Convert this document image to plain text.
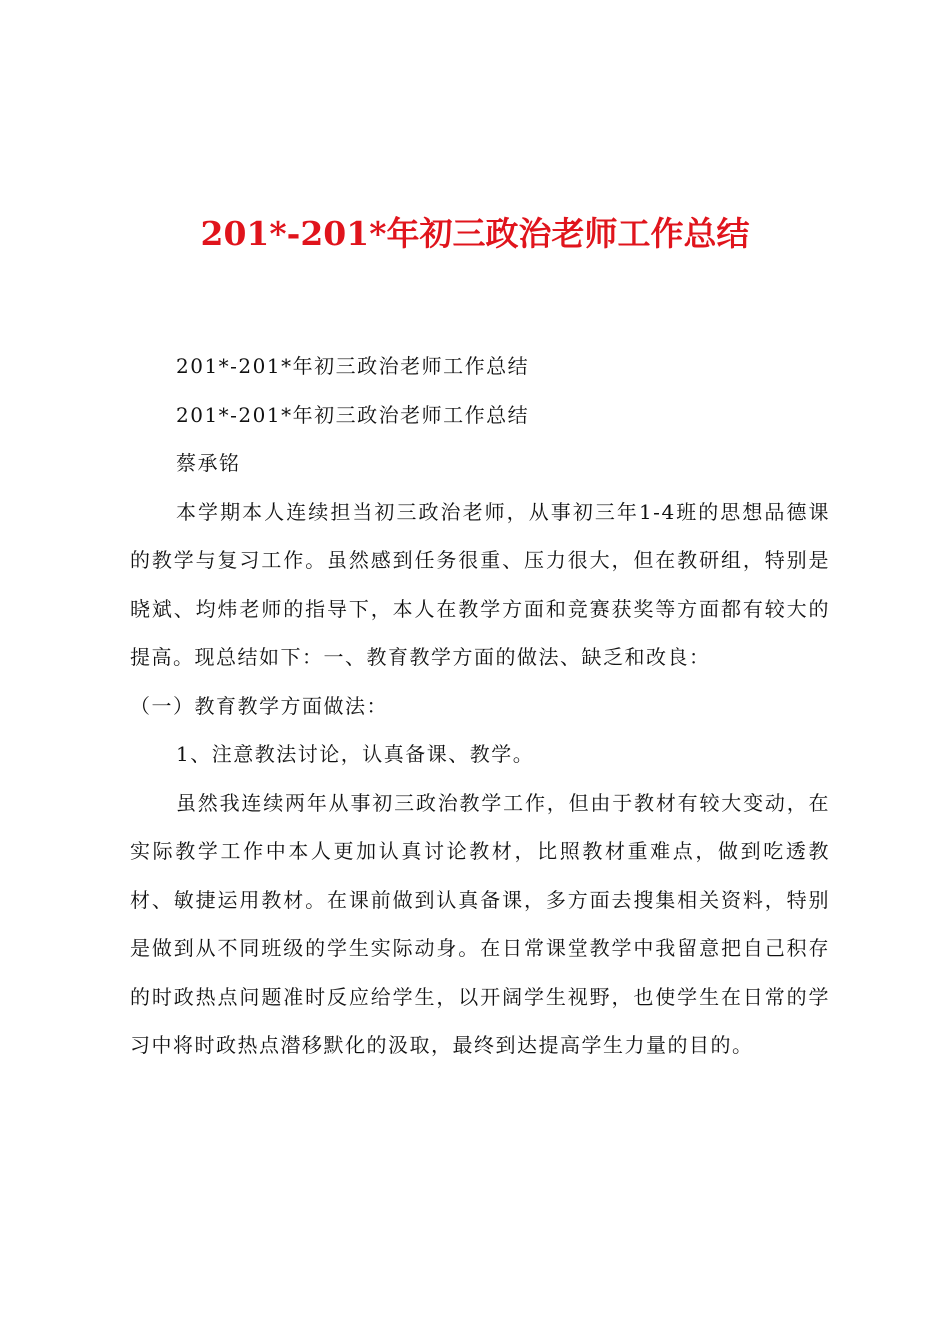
201*-201*年初三政治老师工作总结

201*-201*年初三政治老师工作总结

201*-201*年初三政治老师工作总结

蔡承铭

本学期本人连续担当初三政治老师，从事初三年1-4班的思想品德课的教学与复习工作。虽然感到任务很重、压力很大，但在教研组，特别是晓斌、均炜老师的指导下，本人在教学方面和竞赛获奖等方面都有较大的提高。现总结如下：一、教育教学方面的做法、缺乏和改良：

（一）教育教学方面做法：

1、注意教法讨论，认真备课、教学。

虽然我连续两年从事初三政治教学工作，但由于教材有较大变动，在实际教学工作中本人更加认真讨论教材，比照教材重难点，做到吃透教材、敏捷运用教材。在课前做到认真备课，多方面去搜集相关资料，特别是做到从不同班级的学生实际动身。在日常课堂教学中我留意把自己积存的时政热点问题准时反应给学生，以开阔学生视野，也使学生在日常的学习中将时政热点潜移默化的汲取，最终到达提高学生力量的目的。
